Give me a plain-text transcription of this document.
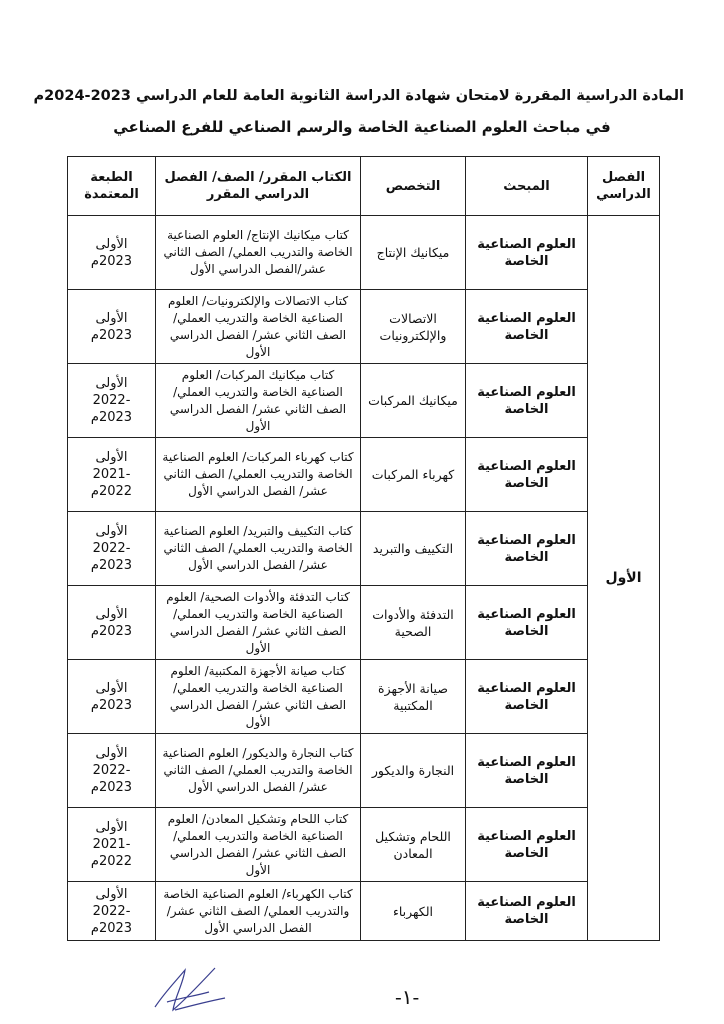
المادة الدراسية المقررة لامتحان شهادة الدراسة الثانوية العامة للعام الدراسي 2023-2024م
في مباحث العلوم الصناعية الخاصة والرسم الصناعي للفرع الصناعي
الفصل الدراسي	المبحث	التخصص	الكتاب المقرر/ الصف/ الفصل الدراسي المقرر	الطبعة المعتمدة
الأول	العلوم الصناعية الخاصة	ميكانيك الإنتاج	كتاب ميكانيك الإنتاج/ العلوم الصناعية الخاصة والتدريب العملي/ الصف الثاني عشر/الفصل الدراسي الأول	الأولى
2023م

	العلوم الصناعية الخاصة	الاتصالات والإلكترونيات	كتاب الاتصالات والإلكترونيات/ العلوم الصناعية الخاصة والتدريب العملي/ الصف الثاني عشر/ الفصل الدراسي الأول	الأولى
2023م

	العلوم الصناعية الخاصة	ميكانيك المركبات	كتاب ميكانيك المركبات/ العلوم الصناعية الخاصة والتدريب العملي/ الصف الثاني عشر/ الفصل الدراسي الأول	الأولى
-2022
2023م

	العلوم الصناعية الخاصة	كهرباء المركبات	كتاب كهرباء المركبات/ العلوم الصناعية الخاصة والتدريب العملي/ الصف الثاني عشر/ الفصل الدراسي الأول	الأولى
-2021
2022م

	العلوم الصناعية الخاصة	التكييف والتبريد	كتاب التكييف والتبريد/ العلوم الصناعية الخاصة والتدريب العملي/ الصف الثاني عشر/ الفصل الدراسي الأول	الأولى
-2022
2023م

	العلوم الصناعية الخاصة	التدفئة والأدوات الصحية	كتاب التدفئة والأدوات الصحية/ العلوم الصناعية الخاصة والتدريب العملي/ الصف الثاني عشر/ الفصل الدراسي الأول	الأولى
2023م

	العلوم الصناعية الخاصة	صيانة الأجهزة المكتبية	كتاب صيانة الأجهزة المكتبية/ العلوم الصناعية الخاصة والتدريب العملي/ الصف الثاني عشر/ الفصل الدراسي الأول	الأولى
2023م

	العلوم الصناعية الخاصة	النجارة والديكور	كتاب النجارة والديكور/ العلوم الصناعية الخاصة والتدريب العملي/ الصف الثاني عشر/ الفصل الدراسي الأول	الأولى
-2022
2023م

	العلوم الصناعية الخاصة	اللحام وتشكيل المعادن	كتاب اللحام وتشكيل المعادن/ العلوم الصناعية الخاصة والتدريب العملي/ الصف الثاني عشر/ الفصل الدراسي الأول	الأولى
-2021
2022م

	العلوم الصناعية الخاصة	الكهرباء	كتاب الكهرباء/ العلوم الصناعية الخاصة والتدريب العملي/ الصف الثاني عشر/ الفصل الدراسي الأول	الأولى
-2022
2023م
-١-
